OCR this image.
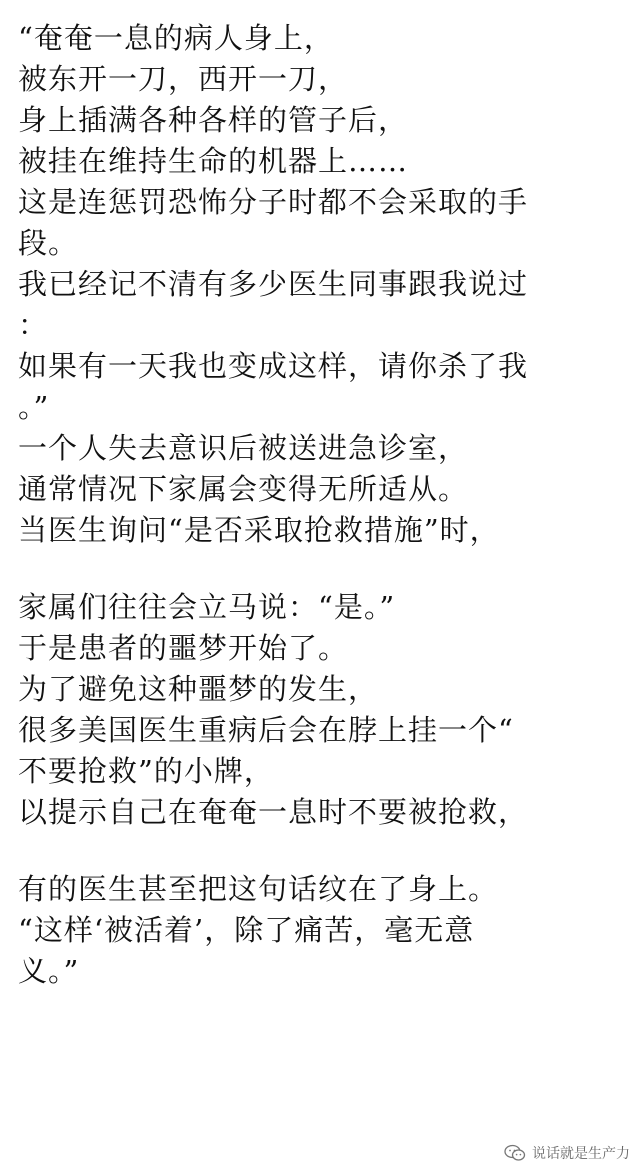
“奄奄一息的病人身上，
被东开一刀，西开一刀，
身上插满各种各样的管子后，
被挂在维持生命的机器上……
这是连惩罚恐怖分子时都不会采取的手
段。
我已经记不清有多少医生同事跟我说过
：
如果有一天我也变成这样，请你杀了我
。”
一个人失去意识后被送进急诊室，
通常情况下家属会变得无所适从。
当医生询问“是否采取抢救措施”时，
家属们往往会立马说：“是。”
于是患者的噩梦开始了。
为了避免这种噩梦的发生，
很多美国医生重病后会在脖上挂一个“
不要抢救”的小牌，
以提示自己在奄奄一息时不要被抢救，
有的医生甚至把这句话纹在了身上。
“这样‘被活着’，除了痛苦，毫无意
义。”
说话就是生产力
